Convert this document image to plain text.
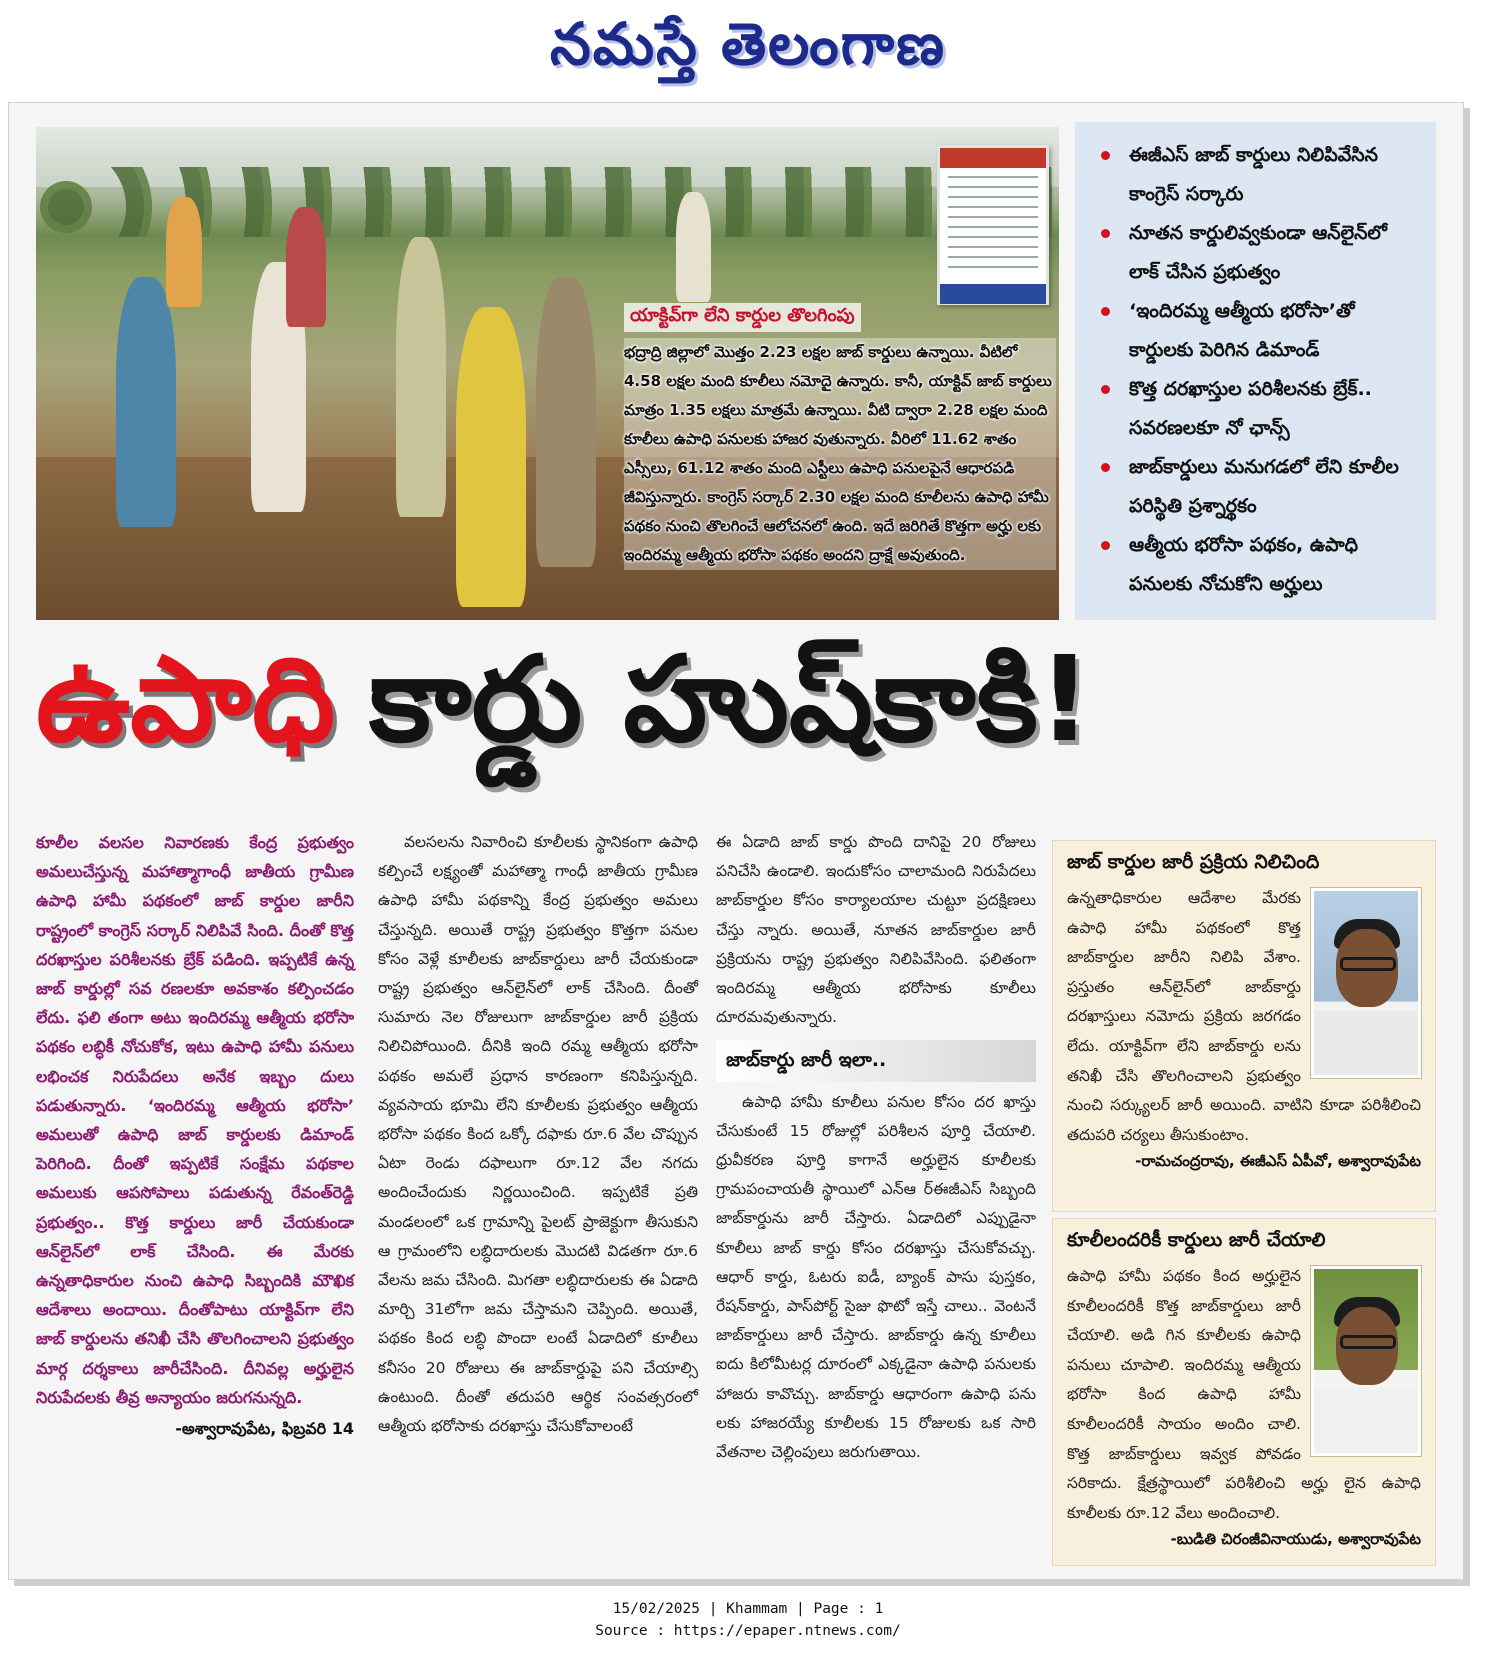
నమస్తే తెలంగాణ
యాక్టివ్‌గా లేని కార్డుల తొలగింపు
భద్రాద్రి జిల్లాలో మొత్తం 2.23 లక్షల జాబ్‌ కార్డులు ఉన్నాయి. వీటిలో 4.58 లక్షల మంది కూలీలు నమోదై ఉన్నారు. కానీ, యాక్టివ్‌ జాబ్‌ కార్డులు మాత్రం 1.35 లక్షలు మాత్రమే ఉన్నాయి. వీటి ద్వారా 2.28 లక్షల మంది కూలీలు ఉపాధి పనులకు హాజర వుతున్నారు. వీరిలో 11.62 శాతం ఎస్సీలు, 61.12 శాతం మంది ఎస్టీలు ఉపాధి పనులపైనే ఆధారపడి జీవిస్తున్నారు. కాంగ్రెస్‌ సర్కార్‌ 2.30 లక్షల మంది కూలీలను ఉపాధి హామీ పథకం నుంచి తొలగించే ఆలోచనలో ఉంది. ఇదే జరిగితే కొత్తగా అర్హు లకు ఇందిరమ్మ ఆత్మీయ భరోసా పథకం అందని ద్రాక్షే అవుతుంది.
ఈజీఎస్‌ జాబ్‌ కార్డులు నిలిపివేసిన కాంగ్రెస్‌ సర్కారు
నూతన కార్డులివ్వకుండా ఆన్‌లైన్‌లో లాక్‌ చేసిన ప్రభుత్వం
‘ఇందిరమ్మ ఆత్మీయ భరోసా’తో కార్డులకు పెరిగిన డిమాండ్‌
కొత్త దరఖాస్తుల పరిశీలనకు బ్రేక్‌.. సవరణలకూ నో ఛాన్స్‌
జాబ్‌కార్డులు మనుగడలో లేని కూలీల పరిస్థితి ప్రశ్నార్థకం
ఆత్మీయ భరోసా పథకం, ఉపాధి పనులకు నోచుకోని అర్హులు
ఉపాధి కార్డు హుష్‌కాకి!

కూలీల వలసల నివారణకు కేంద్ర ప్రభుత్వం అమలుచేస్తున్న మహాత్మాగాంధీ జాతీయ గ్రామీణ ఉపాధి హామీ పథకంలో జాబ్‌ కార్డుల జారీని రాష్ట్రంలో కాంగ్రెస్‌ సర్కార్‌ నిలిపివే సింది. దీంతో కొత్త దరఖాస్తుల పరిశీలనకు బ్రేక్‌ పడింది. ఇప్పటికే ఉన్న జాబ్‌ కార్డుల్లో సవ రణలకూ అవకాశం కల్పించడం లేదు. ఫలి తంగా అటు ఇందిరమ్మ ఆత్మీయ భరోసా పథకం లబ్ధికీ నోచుకోక, ఇటు ఉపాధి హామీ పనులు లభించక నిరుపేదలు అనేక ఇబ్బం దులు పడుతున్నారు. ‘ఇందిరమ్మ ఆత్మీయ భరోసా’ అమలుతో ఉపాధి జాబ్‌ కార్డులకు డిమాండ్‌ పెరిగింది. దీంతో ఇప్పటికే సంక్షేమ పథకాల అమలుకు ఆపసోపాలు పడుతున్న రేవంత్‌రెడ్డి ప్రభుత్వం.. కొత్త కార్డులు జారీ చేయకుండా ఆన్‌లైన్‌లో లాక్‌ చేసింది. ఈ మేరకు ఉన్నతాధికారుల నుంచి ఉపాధి సిబ్బందికి మౌఖిక ఆదేశాలు అందాయి. దీంతోపాటు యాక్టివ్‌గా లేని జాబ్‌ కార్డులను తనిఖీ చేసి తొలగించాలని ప్రభుత్వం మార్గ దర్శకాలు జారీచేసింది. దీనివల్ల అర్హులైన నిరుపేదలకు తీవ్ర అన్యాయం జరుగనున్నది.

-అశ్వారావుపేట, ఫిబ్రవరి 14

వలసలను నివారించి కూలీలకు స్థానికంగా ఉపాధి కల్పించే లక్ష్యంతో మహాత్మా గాంధీ జాతీయ గ్రామీణ ఉపాధి హామీ పథకాన్ని కేంద్ర ప్రభుత్వం అమలు చేస్తున్నది. అయితే రాష్ట్ర ప్రభుత్వం కొత్తగా పనుల కోసం వెళ్లే కూలీలకు జాబ్‌కార్డులు జారీ చేయకుండా రాష్ట్ర ప్రభుత్వం ఆన్‌లైన్‌లో లాక్‌ చేసింది. దీంతో సుమారు నెల రోజులుగా జాబ్‌కార్డుల జారీ ప్రక్రియ నిలిచిపోయింది. దీనికి ఇంది రమ్మ ఆత్మీయ భరోసా పథకం అమలే ప్రధాన కారణంగా కనిపిస్తున్నది. వ్యవసాయ భూమి లేని కూలీలకు ప్రభుత్వం ఆత్మీయ భరోసా పథకం కింద ఒక్కో దఫాకు రూ.6 వేల చొప్పున ఏటా రెండు దఫాలుగా రూ.12 వేల నగదు అందించేందుకు నిర్ణయించింది. ఇప్పటికే ప్రతి మండలంలో ఒక గ్రామాన్ని పైలట్‌ ప్రాజెక్టుగా తీసుకుని ఆ గ్రామంలోని లబ్ధిదారులకు మొదటి విడతగా రూ.6 వేలను జమ చేసింది. మిగతా లబ్ధిదారులకు ఈ ఏడాది మార్చి 31లోగా జమ చేస్తామని చెప్పింది. అయితే, పథకం కింద లబ్ధి పొందా లంటే ఏడాదిలో కూలీలు కనీసం 20 రోజులు ఈ జాబ్‌కార్డుపై పని చేయాల్సి ఉంటుంది. దీంతో తదుపరి ఆర్థిక సంవత్సరంలో ఆత్మీయ భరోసాకు దరఖాస్తు చేసుకోవాలంటే

ఈ ఏడాది జాబ్‌ కార్డు పొంది దానిపై 20 రోజులు పనిచేసి ఉండాలి. ఇందుకోసం చాలామంది నిరుపేదలు జాబ్‌కార్డుల కోసం కార్యాలయాల చుట్టూ ప్రదక్షిణలు చేస్తు న్నారు. అయితే, నూతన జాబ్‌కార్డుల జారీ ప్రక్రియను రాష్ట్ర ప్రభుత్వం నిలిపివేసింది. ఫలితంగా ఇందిరమ్మ ఆత్మీయ భరోసాకు కూలీలు దూరమవుతున్నారు.

జాబ్‌కార్డు జారీ ఇలా..

ఉపాధి హామీ కూలీలు పనుల కోసం దర ఖాస్తు చేసుకుంటే 15 రోజుల్లో పరిశీలన పూర్తి చేయాలి. ధ్రువీకరణ పూర్తి కాగానే అర్హులైన కూలీలకు గ్రామపంచాయతీ స్థాయిలో ఎన్‌ఆ ర్‌ఈజీఎస్‌ సిబ్బంది జాబ్‌కార్డును జారీ చేస్తారు. ఏడాదిలో ఎప్పుడైనా కూలీలు జాబ్‌ కార్డు కోసం దరఖాస్తు చేసుకోవచ్చు. ఆధార్‌ కార్డు, ఓటరు ఐడీ, బ్యాంక్‌ పాసు పుస్తకం, రేషన్‌కార్డు, పాస్‌పోర్ట్‌ సైజు ఫొటో ఇస్తే చాలు.. వెంటనే జాబ్‌కార్డులు జారీ చేస్తారు. జాబ్‌కార్డు ఉన్న కూలీలు ఐదు కిలోమీటర్ల దూరంలో ఎక్కడైనా ఉపాధి పనులకు హాజరు కావొచ్చు. జాబ్‌కార్డు ఆధారంగా ఉపాధి పను లకు హాజరయ్యే కూలీలకు 15 రోజులకు ఒక సారి వేతనాల చెల్లింపులు జరుగుతాయి.

జాబ్‌ కార్డుల జారీ ప్రక్రియ నిలిచింది
ఉన్నతాధికారుల ఆదేశాల మేరకు ఉపాధి హామీ పథకంలో కొత్త జాబ్‌కార్డుల జారీని నిలిపి వేశాం. ప్రస్తుతం ఆన్‌లైన్‌లో జాబ్‌కార్డు దరఖాస్తులు నమోదు ప్రక్రియ జరగడం లేదు. యాక్టివ్‌గా లేని జాబ్‌కార్డు లను తనిఖీ చేసి తొలగించాలని ప్రభుత్వం నుంచి సర్క్యులర్‌ జారీ అయింది. వాటిని కూడా పరిశీలించి తదుపరి చర్యలు తీసుకుంటాం.
-రామచంద్రరావు, ఈజీఎస్‌ ఏపీవో, అశ్వారావుపేట
కూలీలందరికీ కార్డులు జారీ చేయాలి
ఉపాధి హామీ పథకం కింద అర్హులైన కూలీలందరికీ కొత్త జాబ్‌కార్డులు జారీ చేయాలి. అడి గిన కూలీలకు ఉపాధి పనులు చూపాలి. ఇందిరమ్మ ఆత్మీయ భరోసా కింద ఉపాధి హామీ కూలీలందరికీ సాయం అందిం చాలి. కొత్త జాబ్‌కార్డులు ఇవ్వక పోవడం సరికాదు. క్షేత్రస్థాయిలో పరిశీలించి అర్హు లైన ఉపాధి కూలీలకు రూ.12 వేలు అందించాలి.
-బుడితి చిరంజీవినాయుడు, అశ్వారావుపేట
15/02/2025 | Khammam | Page : 1
Source : https://epaper.ntnews.com/
